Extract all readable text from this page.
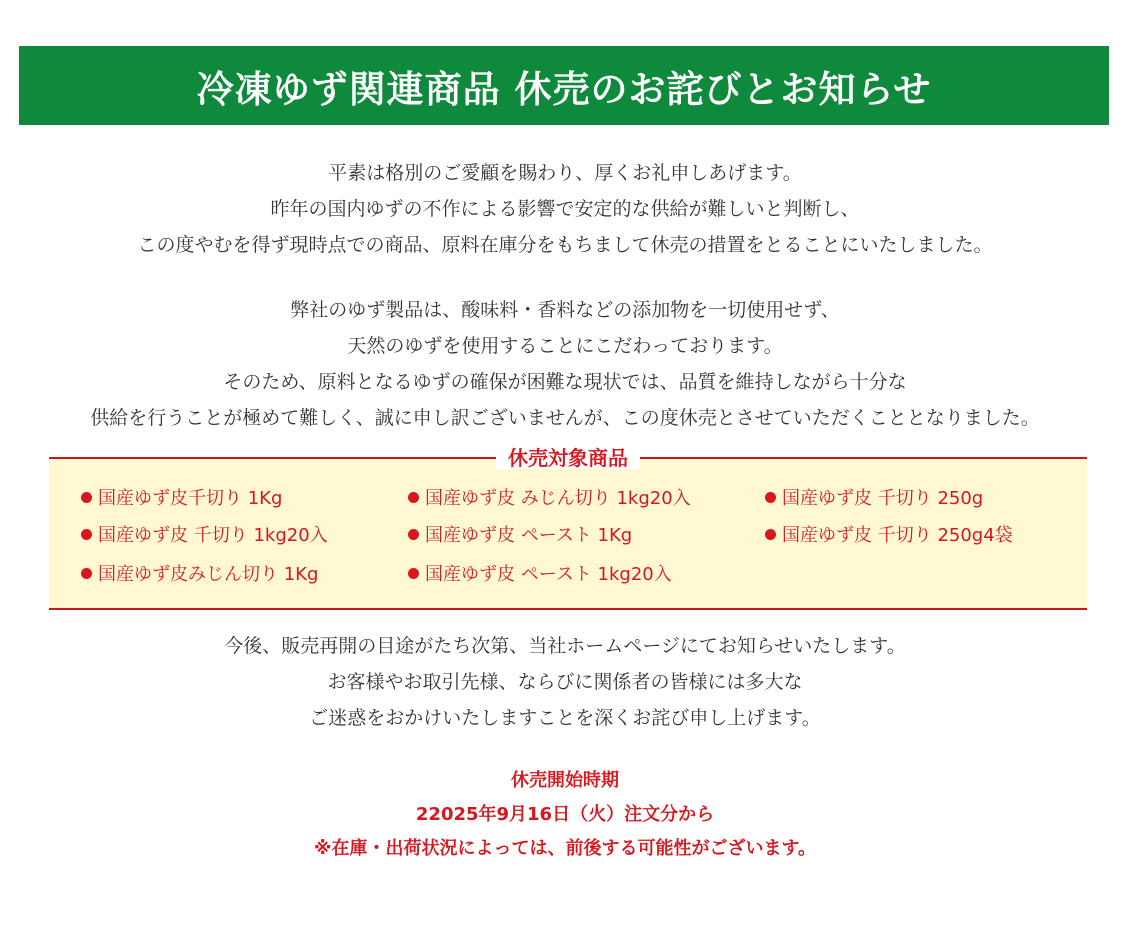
冷凍ゆず関連商品 休売のお詫びとお知らせ
平素は格別のご愛顧を賜わり、厚くお礼申しあげます。
昨年の国内ゆずの不作による影響で安定的な供給が難しいと判断し、
この度やむを得ず現時点での商品、原料在庫分をもちまして休売の措置をとることにいたしました。
弊社のゆず製品は、酸味料・香料などの添加物を一切使用せず、
天然のゆずを使用することにこだわっております。
そのため、原料となるゆずの確保が困難な現状では、品質を維持しながら十分な
供給を行うことが極めて難しく、誠に申し訳ございませんが、この度休売とさせていただくこととなりました。
休売対象商品
国産ゆず皮千切り 1Kg
国産ゆず皮 千切り 1kg20入
国産ゆず皮みじん切り 1Kg
国産ゆず皮 みじん切り 1kg20入
国産ゆず皮 ペースト 1Kg
国産ゆず皮 ペースト 1kg20入
国産ゆず皮 千切り 250g
国産ゆず皮 千切り 250g4袋
今後、販売再開の目途がたち次第、当社ホームページにてお知らせいたします。
お客様やお取引先様、ならびに関係者の皆様には多大な
ご迷惑をおかけいたしますことを深くお詫び申し上げます。
休売開始時期
22025年9月16日（火）注文分から
※在庫・出荷状況によっては、前後する可能性がございます。
